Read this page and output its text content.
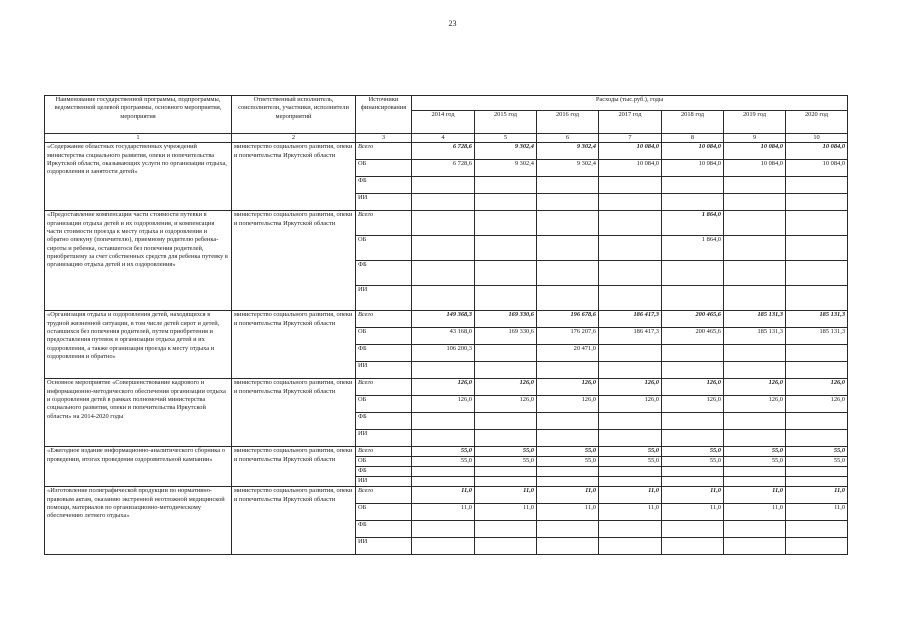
23
Наименование государственной программы, подпрограммы, ведомственной целевой программы, основного мероприятия, мероприятия	Ответственный исполнитель, соисполнители, участники, исполнители мероприятий	Источники финансирования	Расходы (тыс.руб.), годы						
			2014 год	2015 год	2016 год	2017 год	2018 год	2019 год	2020 год
1	2	3	4	5	6	7	8	9	10
«Содержание областных государственных учреждений министерства социального развития, опеки и попечительства Иркутской области, оказывающих услуги по организации отдыха, оздоровления и занятости детей»	министерство социального развития, опеки и попечительства Иркутской области	Всего	6 728,6	9 302,4	9 302,4	10 084,0	10 084,0	10 084,0	10 084,0
		ОБ	6 728,6	9 302,4	9 302,4	10 084,0	10 084,0	10 084,0	10 084,0
		ФБ							
		ИИ							
«Предоставление компенсации части стоимости путевки в организации отдыха детей и их оздоровления, и компенсация части стоимости проезда к месту отдыха и оздоровления и обратно опекуну (попечителю), приемному родителю ребенка-сироты и ребенка, оставшегося без попечения родителей, приобретшему за счет собственных средств для ребенка путевку в организацию отдыха детей и их оздоровления»	министерство социального развития, опеки и попечительства Иркутской области	Всего					1 864,0		
		ОБ					1 864,0		
		ФБ							
		ИИ							
«Организация отдыха и оздоровления детей, находящихся в трудной жизненной ситуации, в том числе детей сирот и детей, оставшихся без попечения родителей, путем приобретения и предоставления путевок в организации отдыха детей и их оздоровления, а также организация проезда к месту отдыха и оздоровления и обратно»	министерство социального развития, опеки и попечительства Иркутской области	Всего	149 368,3	169 330,6	196 678,6	186 417,3	200 465,6	185 131,3	185 131,3
		ОБ	43 168,0	169 330,6	176 207,6	186 417,3	200 465,6	185 131,3	185 131,3
		ФБ	106 200,3		20 471,0				
		ИИ							
Основное мероприятие «Совершенствование кадрового и информационно-методического обеспечения организации отдыха и оздоровления детей в рамках полномочий министерства социального развития, опеки и попечительства Иркутской области» на 2014-2020 годы	министерство социального развития, опеки и попечительства Иркутской области	Всего	126,0	126,0	126,0	126,0	126,0	126,0	126,0
		ОБ	126,0	126,0	126,0	126,0	126,0	126,0	126,0
		ФБ							
		ИИ							
«Ежегодное издание информационно-аналитического сборника о проведении, итогах проведения оздоровительной кампании»	министерство социального развития, опеки и попечительства Иркутской области	Всего	55,0	55,0	55,0	55,0	55,0	55,0	55,0
		ОБ	55,0	55,0	55,0	55,0	55,0	55,0	55,0
		ФБ							
		ИИ							
«Изготовление полиграфической продукции по нормативно-правовым актам, оказанию экстренной неотложной медицинской помощи, материалов по организационно-методическому обеспечению летнего отдыха»	министерство социального развития, опеки и попечительства Иркутской области	Всего	11,0	11,0	11,0	11,0	11,0	11,0	11,0
		ОБ	11,0	11,0	11,0	11,0	11,0	11,0	11,0
		ФБ							
		ИИ							
